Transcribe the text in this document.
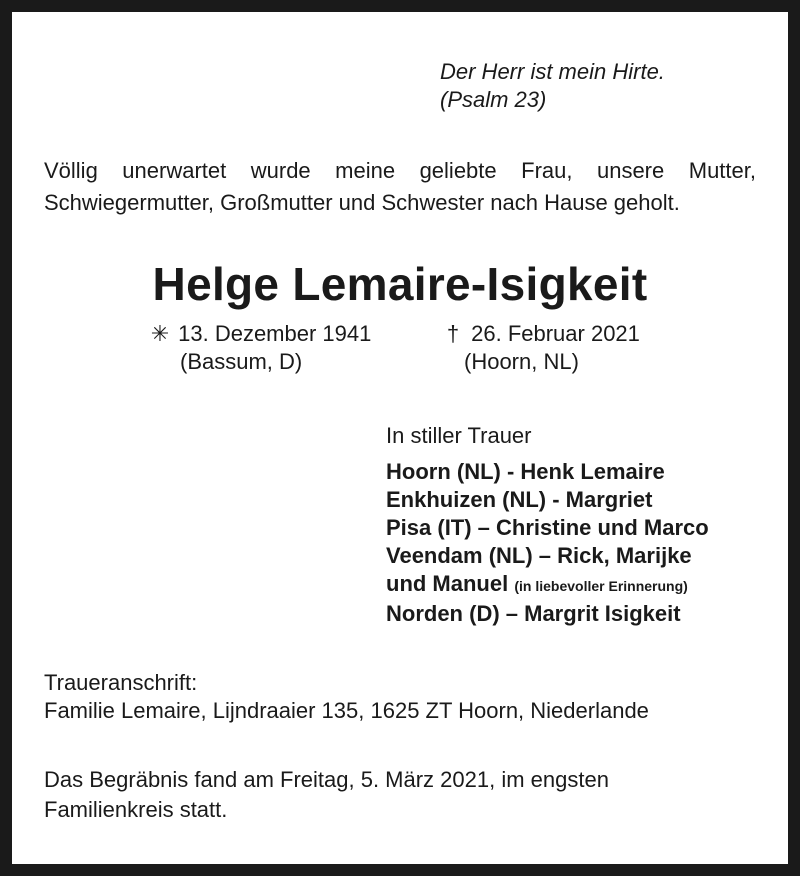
Der Herr ist mein Hirte.
(Psalm 23)
Völlig unerwartet wurde meine geliebte Frau, unsere Mutter,
Schwiegermutter, Großmutter und Schwester nach Hause geholt.
Helge Lemaire-Isigkeit
✳ 13. Dezember 1941
(Bassum, D)
† 26. Februar 2021
(Hoorn, NL)
In stiller Trauer
Hoorn (NL) - Henk Lemaire
Enkhuizen (NL) - Margriet
Pisa (IT) – Christine und Marco
Veendam (NL) – Rick, Marijke
und Manuel (in liebevoller Erinnerung)
Norden (D) – Margrit Isigkeit
Traueranschrift:
Familie Lemaire, Lijndraaier 135, 1625 ZT Hoorn, Niederlande
Das Begräbnis fand am Freitag, 5. März 2021, im engsten
Familienkreis statt.
